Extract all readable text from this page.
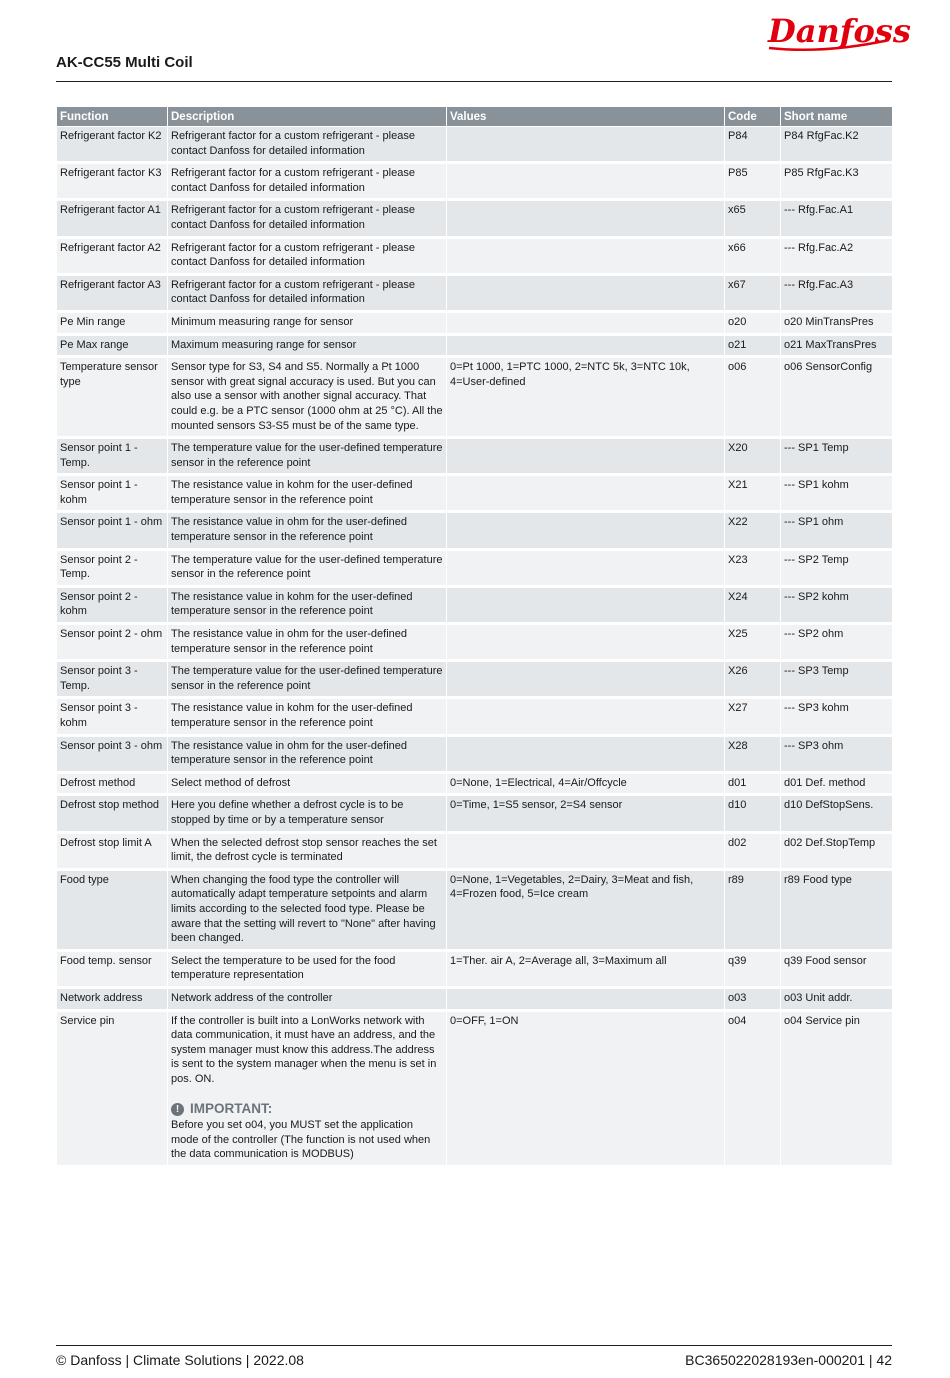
AK-CC55 Multi Coil
Danfoss
Function	Description	Values	Code	Short name

Refrigerant factor K2	Refrigerant factor for a custom refrigerant - please contact Danfoss for detailed information		P84	P84 RfgFac.K2

Refrigerant factor K3	Refrigerant factor for a custom refrigerant - please contact Danfoss for detailed information		P85	P85 RfgFac.K3

Refrigerant factor A1	Refrigerant factor for a custom refrigerant - please contact Danfoss for detailed information		x65	--- Rfg.Fac.A1

Refrigerant factor A2	Refrigerant factor for a custom refrigerant - please contact Danfoss for detailed information		x66	--- Rfg.Fac.A2

Refrigerant factor A3	Refrigerant factor for a custom refrigerant - please contact Danfoss for detailed information		x67	--- Rfg.Fac.A3

Pe Min range	Minimum measuring range for sensor		o20	o20 MinTransPres

Pe Max range	Maximum measuring range for sensor		o21	o21 MaxTransPres

Temperature sensor type	Sensor type for S3, S4 and S5. Normally a Pt 1000 sensor with great signal accuracy is used. But you can also use a sensor with another signal accuracy. That could e.g. be a PTC sensor (1000 ohm at 25 °C). All the mounted sensors S3-S5 must be of the same type.	0=Pt 1000, 1=PTC 1000, 2=NTC 5k, 3=NTC 10k, 4=User-defined	o06	o06 SensorConfig

Sensor point 1 - Temp.	The temperature value for the user-defined temperature sensor in the reference point		X20	--- SP1 Temp

Sensor point 1 - kohm	The resistance value in kohm for the user-defined temperature sensor in the reference point		X21	--- SP1 kohm

Sensor point 1 - ohm	The resistance value in ohm for the user-defined temperature sensor in the reference point		X22	--- SP1 ohm

Sensor point 2 - Temp.	The temperature value for the user-defined temperature sensor in the reference point		X23	--- SP2 Temp

Sensor point 2 - kohm	The resistance value in kohm for the user-defined temperature sensor in the reference point		X24	--- SP2 kohm

Sensor point 2 - ohm	The resistance value in ohm for the user-defined temperature sensor in the reference point		X25	--- SP2 ohm

Sensor point 3 - Temp.	The temperature value for the user-defined temperature sensor in the reference point		X26	--- SP3 Temp

Sensor point 3 - kohm	The resistance value in kohm for the user-defined temperature sensor in the reference point		X27	--- SP3 kohm

Sensor point 3 - ohm	The resistance value in ohm for the user-defined temperature sensor in the reference point		X28	--- SP3 ohm

Defrost method	Select method of defrost	0=None, 1=Electrical, 4=Air/Offcycle	d01	d01 Def. method

Defrost stop method	Here you define whether a defrost cycle is to be stopped by time or by a temperature sensor	0=Time, 1=S5 sensor, 2=S4 sensor	d10	d10 DefStopSens.

Defrost stop limit A	When the selected defrost stop sensor reaches the set limit, the defrost cycle is terminated		d02	d02 Def.StopTemp

Food type	When changing the food type the controller will automatically adapt temperature setpoints and alarm limits according to the selected food type. Please be aware that the setting will revert to "None" after having been changed.	0=None, 1=Vegetables, 2=Dairy, 3=Meat and fish, 4=Frozen food, 5=Ice cream	r89	r89 Food type

Food temp. sensor	Select the temperature to be used for the food temperature representation	1=Ther. air A, 2=Average all, 3=Maximum all	q39	q39 Food sensor

Network address	Network address of the controller		o03	o03 Unit addr.

Service pin	If the controller is built into a LonWorks network with data communication, it must have an address, and the system manager must know this address.The address is sent to the system manager when the menu is set in pos. ON.
! IMPORTANT:
Before you set o04, you MUST set the application mode of the controller (The function is not used when the data communication is MODBUS)	0=OFF, 1=ON	o04	o04 Service pin
© Danfoss | Climate Solutions | 2022.08	BC365022028193en-000201 | 42
